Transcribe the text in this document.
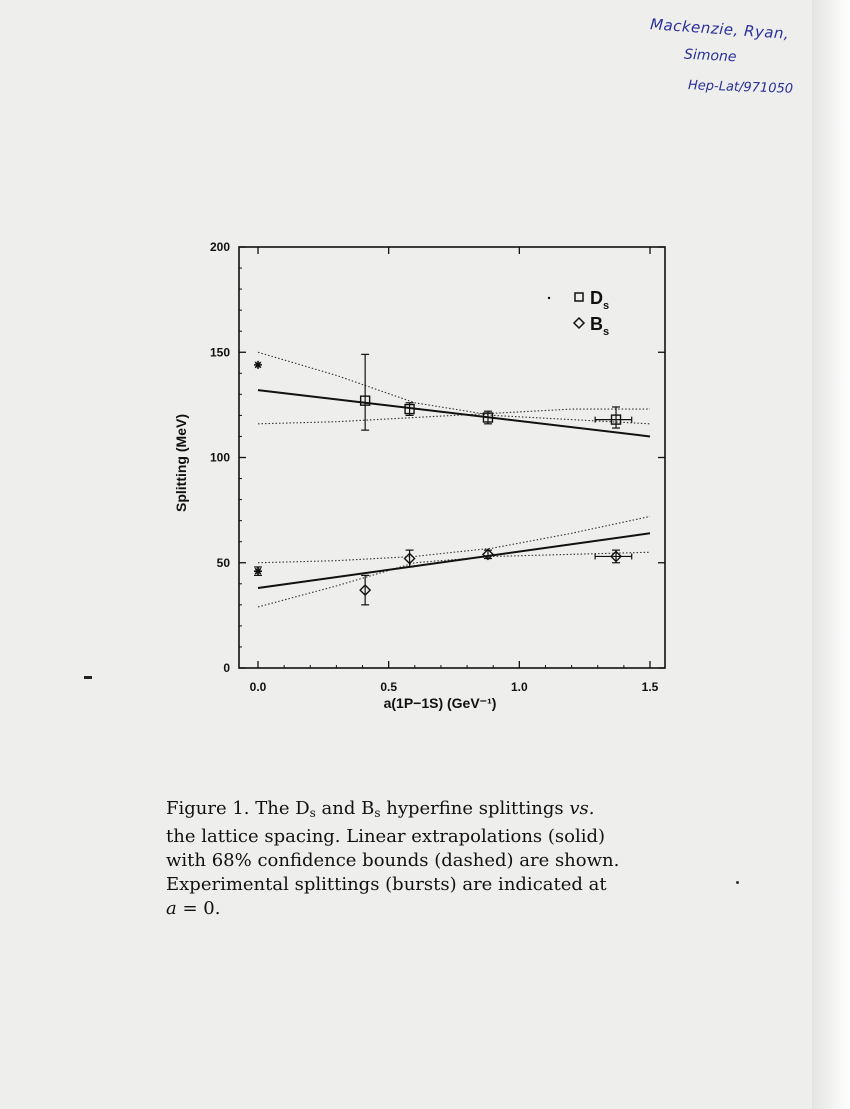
Mackenzie, Ryan,
Simone
Hep-Lat/971050
0
50
100
150
200
0.0	0.5	1.0	1.5
Splitting (MeV)
a(1P−1S) (GeV⁻¹)
$D_s$
$B_s$
Figure 1. The $D_s$ and $B_s$ hyperfine splittings vs.
the lattice spacing. Linear extrapolations (solid)
with 68% confidence bounds (dashed) are shown.
Experimental splittings (bursts) are indicated at
a = 0.
